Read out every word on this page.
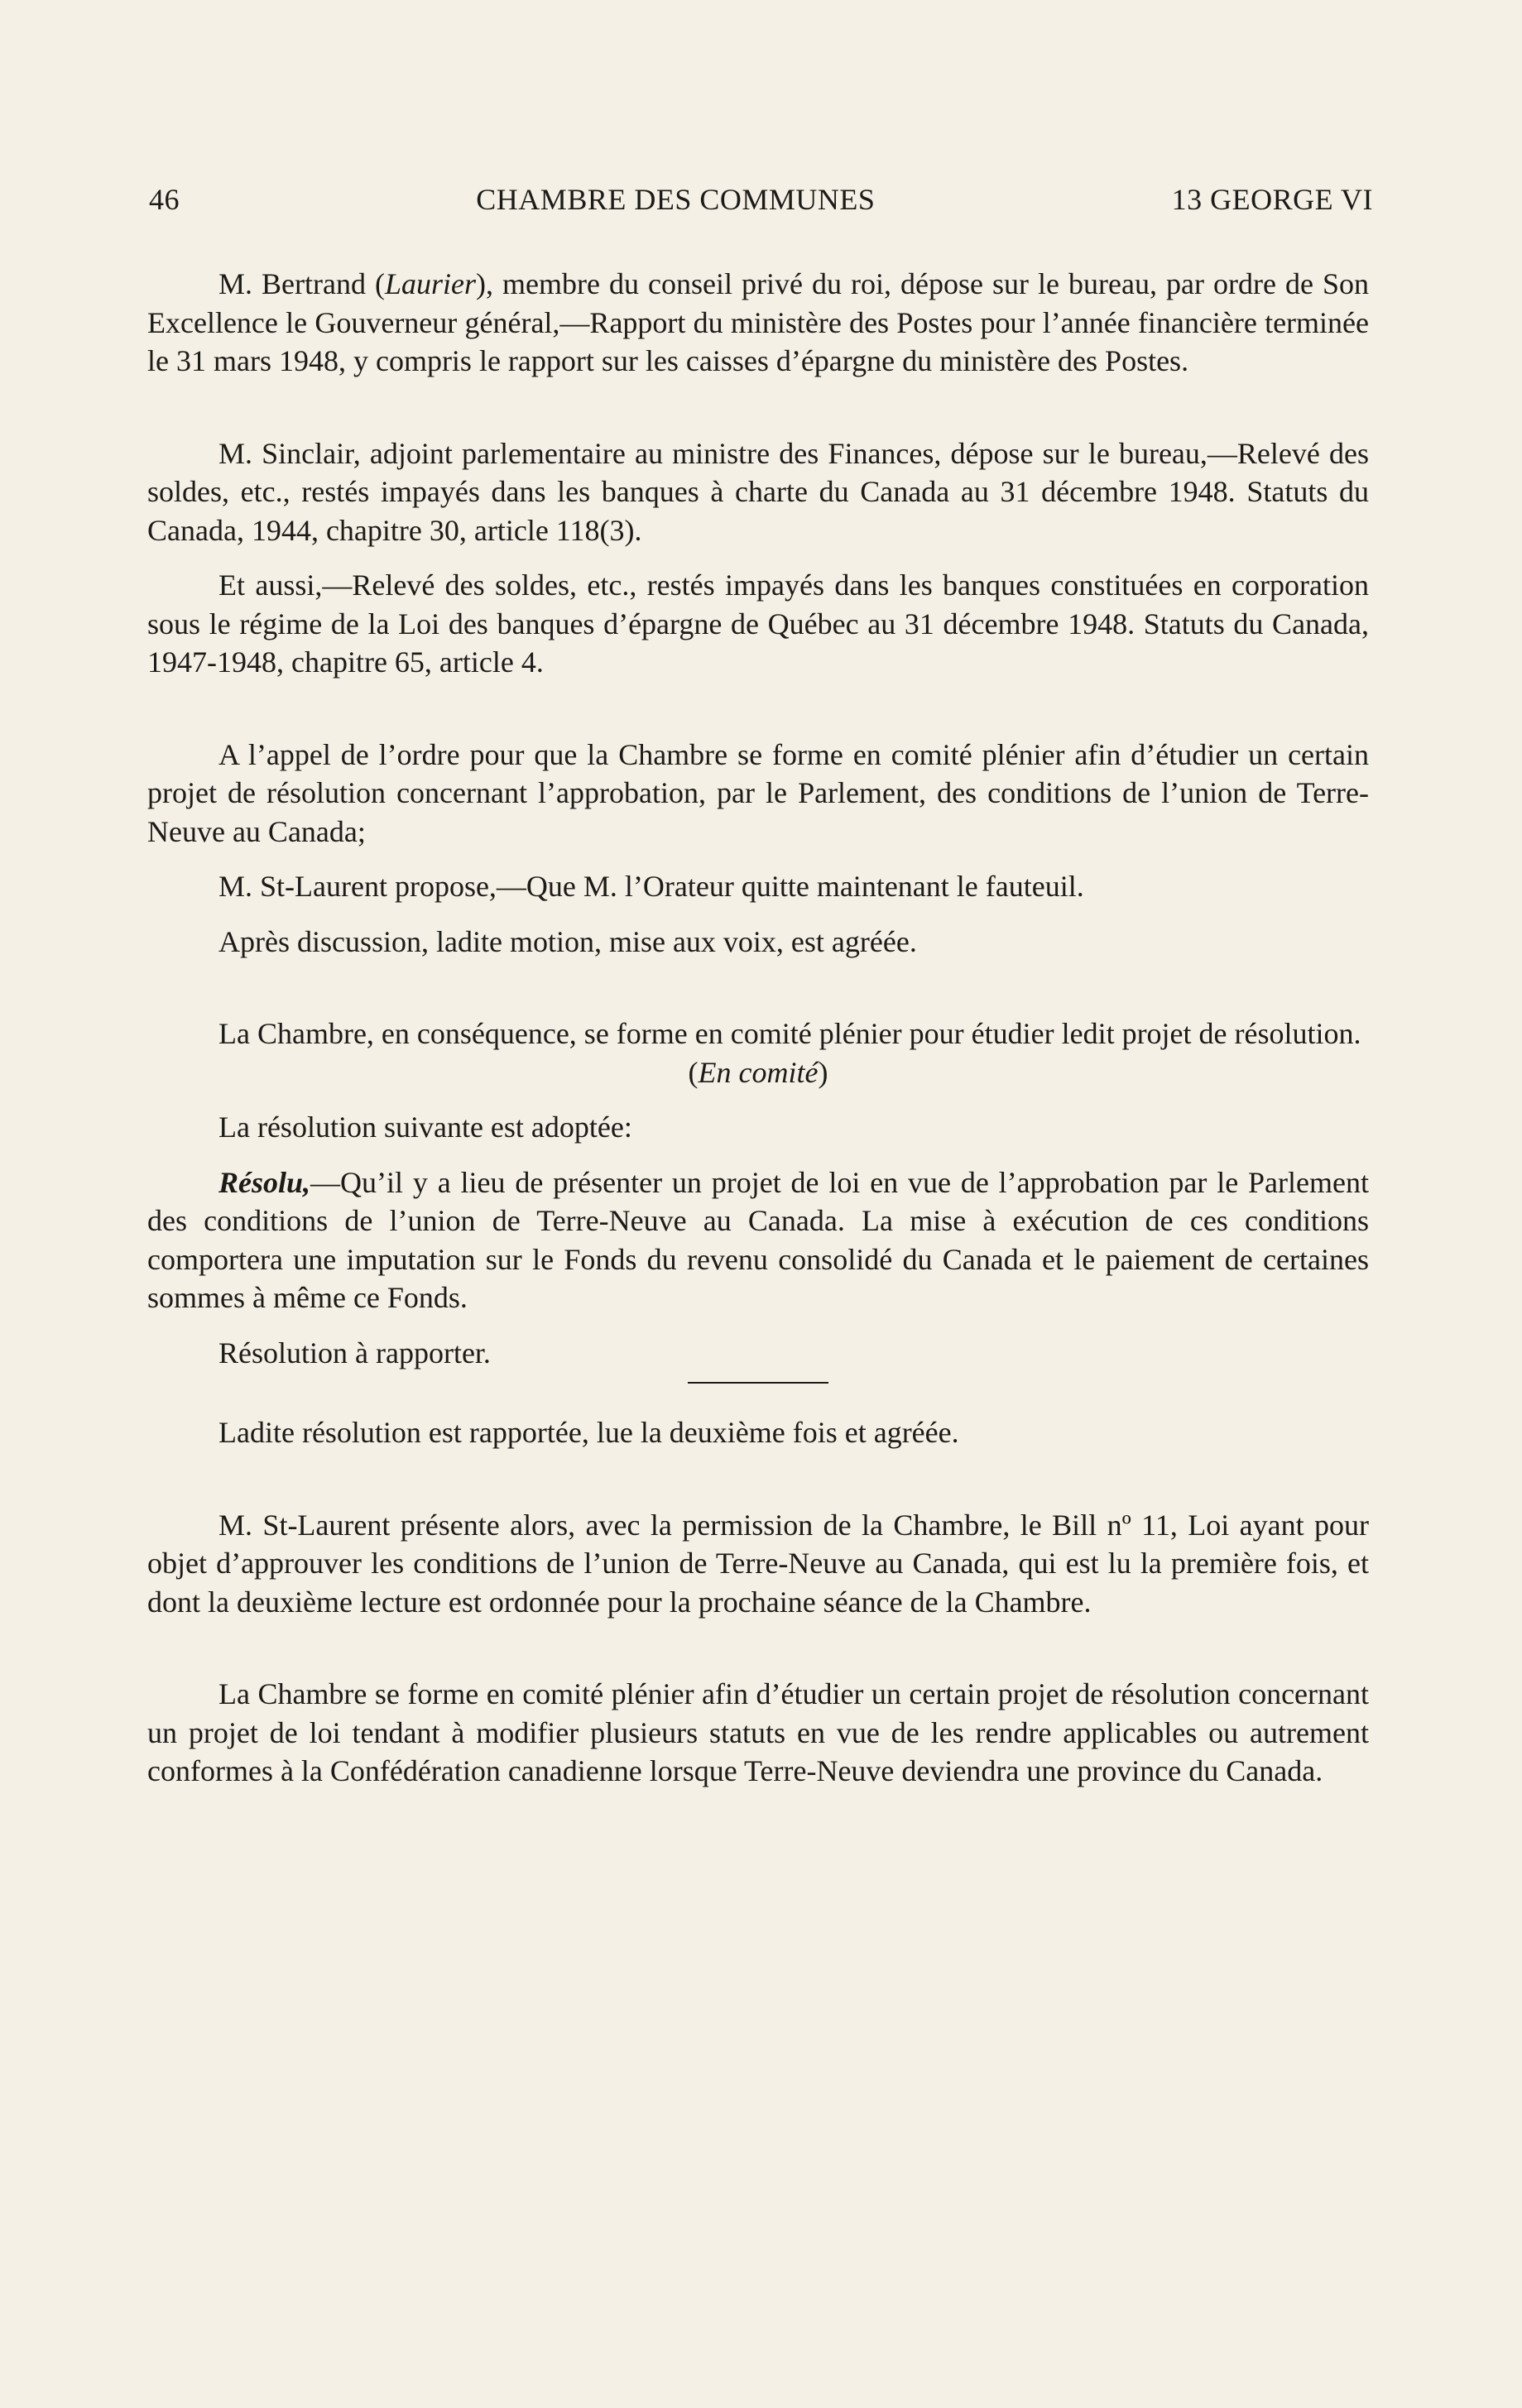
46	CHAMBRE DES COMMUNES	13 GEORGE VI

M. Bertrand (Laurier), membre du conseil privé du roi, dépose sur le bureau, par ordre de Son Excellence le Gouverneur général,—Rapport du ministère des Postes pour l’année financière terminée le 31 mars 1948, y compris le rapport sur les caisses d’épargne du ministère des Postes.

M. Sinclair, adjoint parlementaire au ministre des Finances, dépose sur le bureau,—Relevé des soldes, etc., restés impayés dans les banques à charte du Canada au 31 décembre 1948. Statuts du Canada, 1944, chapitre 30, article 118(3).

Et aussi,—Relevé des soldes, etc., restés impayés dans les banques constituées en corporation sous le régime de la Loi des banques d’épargne de Québec au 31 décembre 1948. Statuts du Canada, 1947-1948, chapitre 65, article 4.

A l’appel de l’ordre pour que la Chambre se forme en comité plénier afin d’étudier un certain projet de résolution concernant l’approbation, par le Parlement, des conditions de l’union de Terre-Neuve au Canada;

M. St-Laurent propose,—Que M. l’Orateur quitte maintenant le fauteuil.

Après discussion, ladite motion, mise aux voix, est agréée.

La Chambre, en conséquence, se forme en comité plénier pour étudier ledit projet de résolution.

(En comité)

La résolution suivante est adoptée:

Résolu,—Qu’il y a lieu de présenter un projet de loi en vue de l’approbation par le Parlement des conditions de l’union de Terre-Neuve au Canada. La mise à exécution de ces conditions comportera une imputation sur le Fonds du revenu consolidé du Canada et le paiement de certaines sommes à même ce Fonds.

Résolution à rapporter.

Ladite résolution est rapportée, lue la deuxième fois et agréée.

M. St-Laurent présente alors, avec la permission de la Chambre, le Bill nº 11, Loi ayant pour objet d’approuver les conditions de l’union de Terre-Neuve au Canada, qui est lu la première fois, et dont la deuxième lecture est ordonnée pour la prochaine séance de la Chambre.

La Chambre se forme en comité plénier afin d’étudier un certain projet de résolution concernant un projet de loi tendant à modifier plusieurs statuts en vue de les rendre applicables ou autrement conformes à la Confédération canadienne lorsque Terre-Neuve deviendra une province du Canada.
